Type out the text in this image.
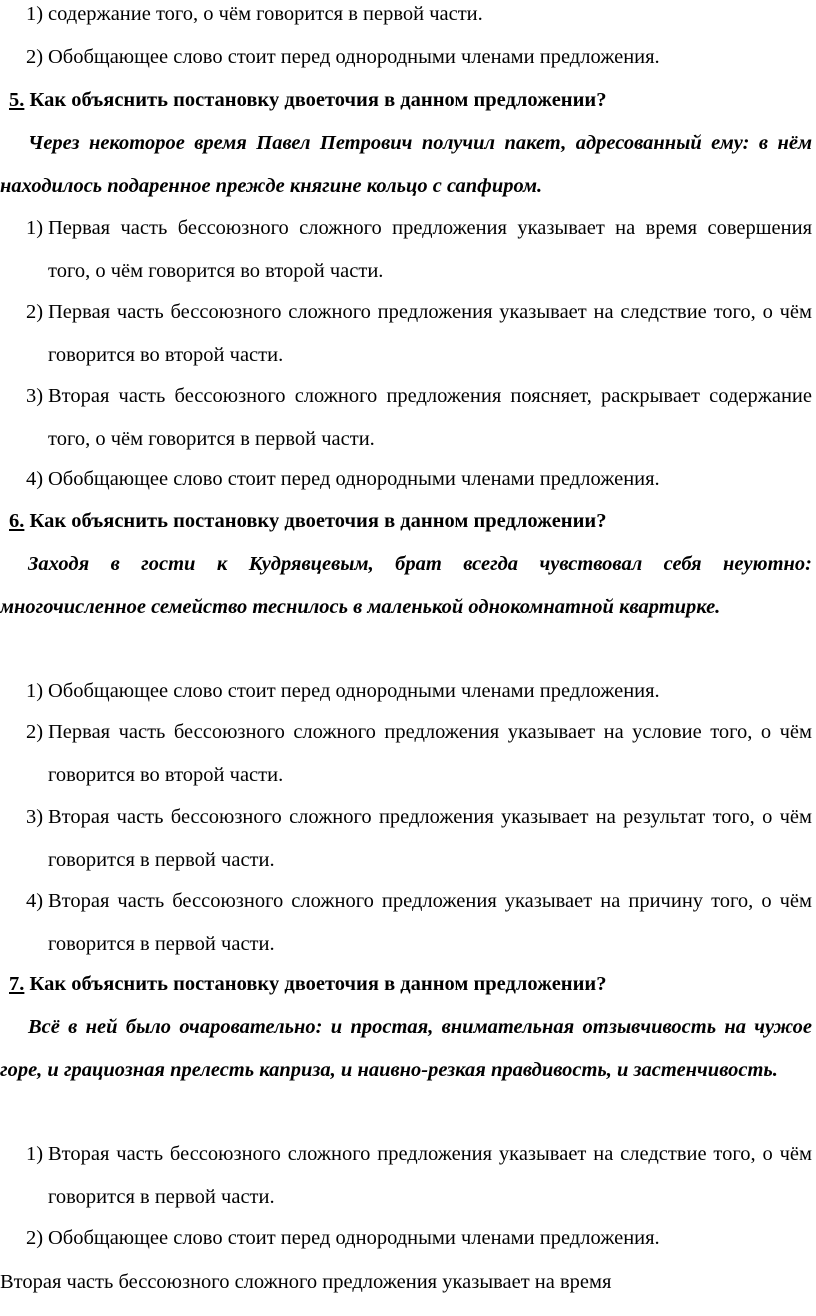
1) содержание того, о чём говорится в первой части.
2) Обобщающее слово стоит перед однородными членами предложения.
5. Как объяснить постановку двоеточия в данном предложении?
Через некоторое время Павел Петрович получил пакет, адресованный ему: в нём находилось подаренное прежде княгине кольцо с сапфиром.
1) Первая часть бессоюзного сложного предложения указывает на время совершения того, о чём говорится во второй части.
2) Первая часть бессоюзного сложного предложения указывает на следствие того, о чём говорится во второй части.
3) Вторая часть бессоюзного сложного предложения поясняет, раскрывает содержание того, о чём говорится в первой части.
4) Обобщающее слово стоит перед однородными членами предложения.
6. Как объяснить постановку двоеточия в данном предложении?
Заходя в гости к Кудрявцевым, брат всегда чувствовал себя неуютно: многочисленное семейство теснилось в маленькой однокомнатной квартирке.
1) Обобщающее слово стоит перед однородными членами предложения.
2) Первая часть бессоюзного сложного предложения указывает на условие того, о чём говорится во второй части.
3) Вторая часть бессоюзного сложного предложения указывает на результат того, о чём говорится в первой части.
4) Вторая часть бессоюзного сложного предложения указывает на причину того, о чём говорится в первой части.
7. Как объяснить постановку двоеточия в данном предложении?
Всё в ней было очаровательно: и простая, внимательная отзывчивость на чужое горе, и грациозная прелесть каприза, и наивно-резкая правдивость, и застенчивость.
1) Вторая часть бессоюзного сложного предложения указывает на следствие того, о чём говорится в первой части.
2) Обобщающее слово стоит перед однородными членами предложения.
Вторая часть бессоюзного сложного предложения указывает на время
